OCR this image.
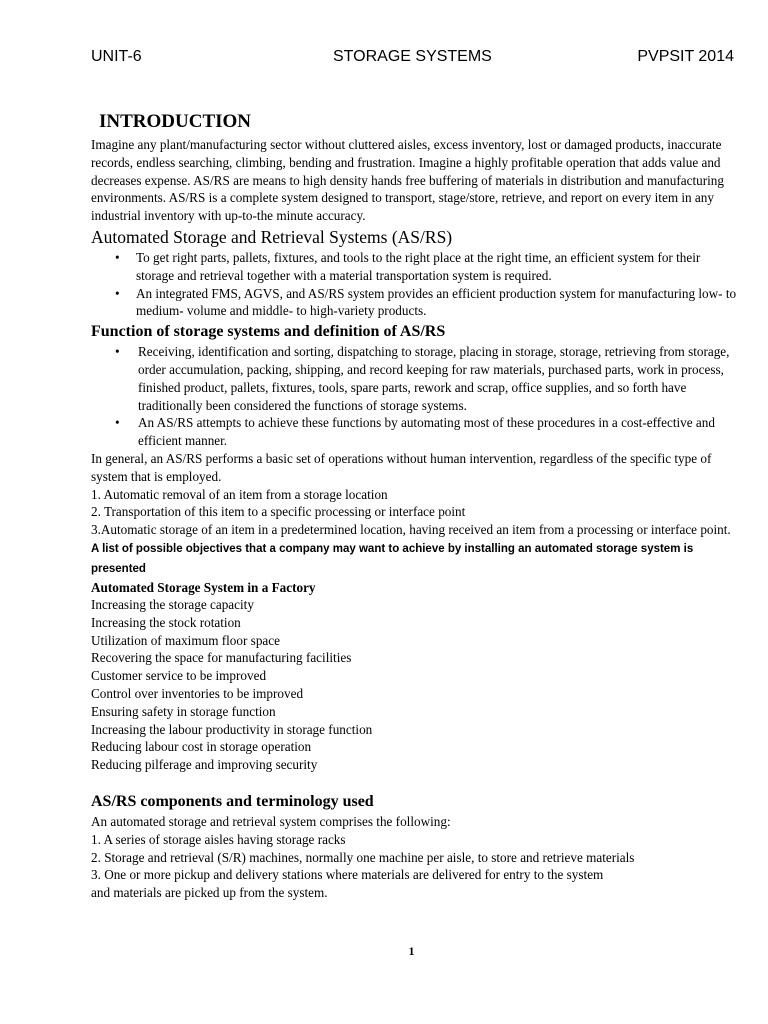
UNIT-6	STORAGE SYSTEMS	PVPSIT 2014
INTRODUCTION

Imagine any plant/manufacturing sector without cluttered aisles, excess inventory, lost or damaged products, inaccurate records, endless searching, climbing, bending and frustration. Imagine a highly profitable operation that adds value and decreases expense. AS/RS are means to high density hands free buffering of materials in distribution and manufacturing environments. AS/RS is a complete system designed to transport, stage/store, retrieve, and report on every item in any industrial inventory with up-to-the minute accuracy.

Automated Storage and Retrieval Systems (AS/RS)
• To get right parts, pallets, fixtures, and tools to the right place at the right time, an efficient system for their storage and retrieval together with a material transportation system is required.
• An integrated FMS, AGVS, and AS/RS system provides an efficient production system for manufacturing low- to medium- volume and middle- to high-variety products.
Function of storage systems and definition of AS/RS
• Receiving, identification and sorting, dispatching to storage, placing in storage, storage, retrieving from storage, order accumulation, packing, shipping, and record keeping for raw materials, purchased parts, work in process, finished product, pallets, fixtures, tools, spare parts, rework and scrap, office supplies, and so forth have traditionally been considered the functions of storage systems.
• An AS/RS attempts to achieve these functions by automating most of these procedures in a cost-effective and efficient manner.

In general, an AS/RS performs a basic set of operations without human intervention, regardless of the specific type of system that is employed.

1. Automatic removal of an item from a storage location
2. Transportation of this item to a specific processing or interface point

3.Automatic storage of an item in a predetermined location, having received an item from a processing or interface point. A list of possible objectives that a company may want to achieve by installing an automated storage system is presented

Automated Storage System in a Factory
Increasing the storage capacity
Increasing the stock rotation
Utilization of maximum floor space
Recovering the space for manufacturing facilities
Customer service to be improved
Control over inventories to be improved
Ensuring safety in storage function
Increasing the labour productivity in storage function
Reducing labour cost in storage operation
Reducing pilferage and improving security
AS/RS components and terminology used

An automated storage and retrieval system comprises the following:

1. A series of storage aisles having storage racks
2. Storage and retrieval (S/R) machines, normally one machine per aisle, to store and retrieve materials
3. One or more pickup and delivery stations where materials are delivered for entry to the system
and materials are picked up from the system.
1
